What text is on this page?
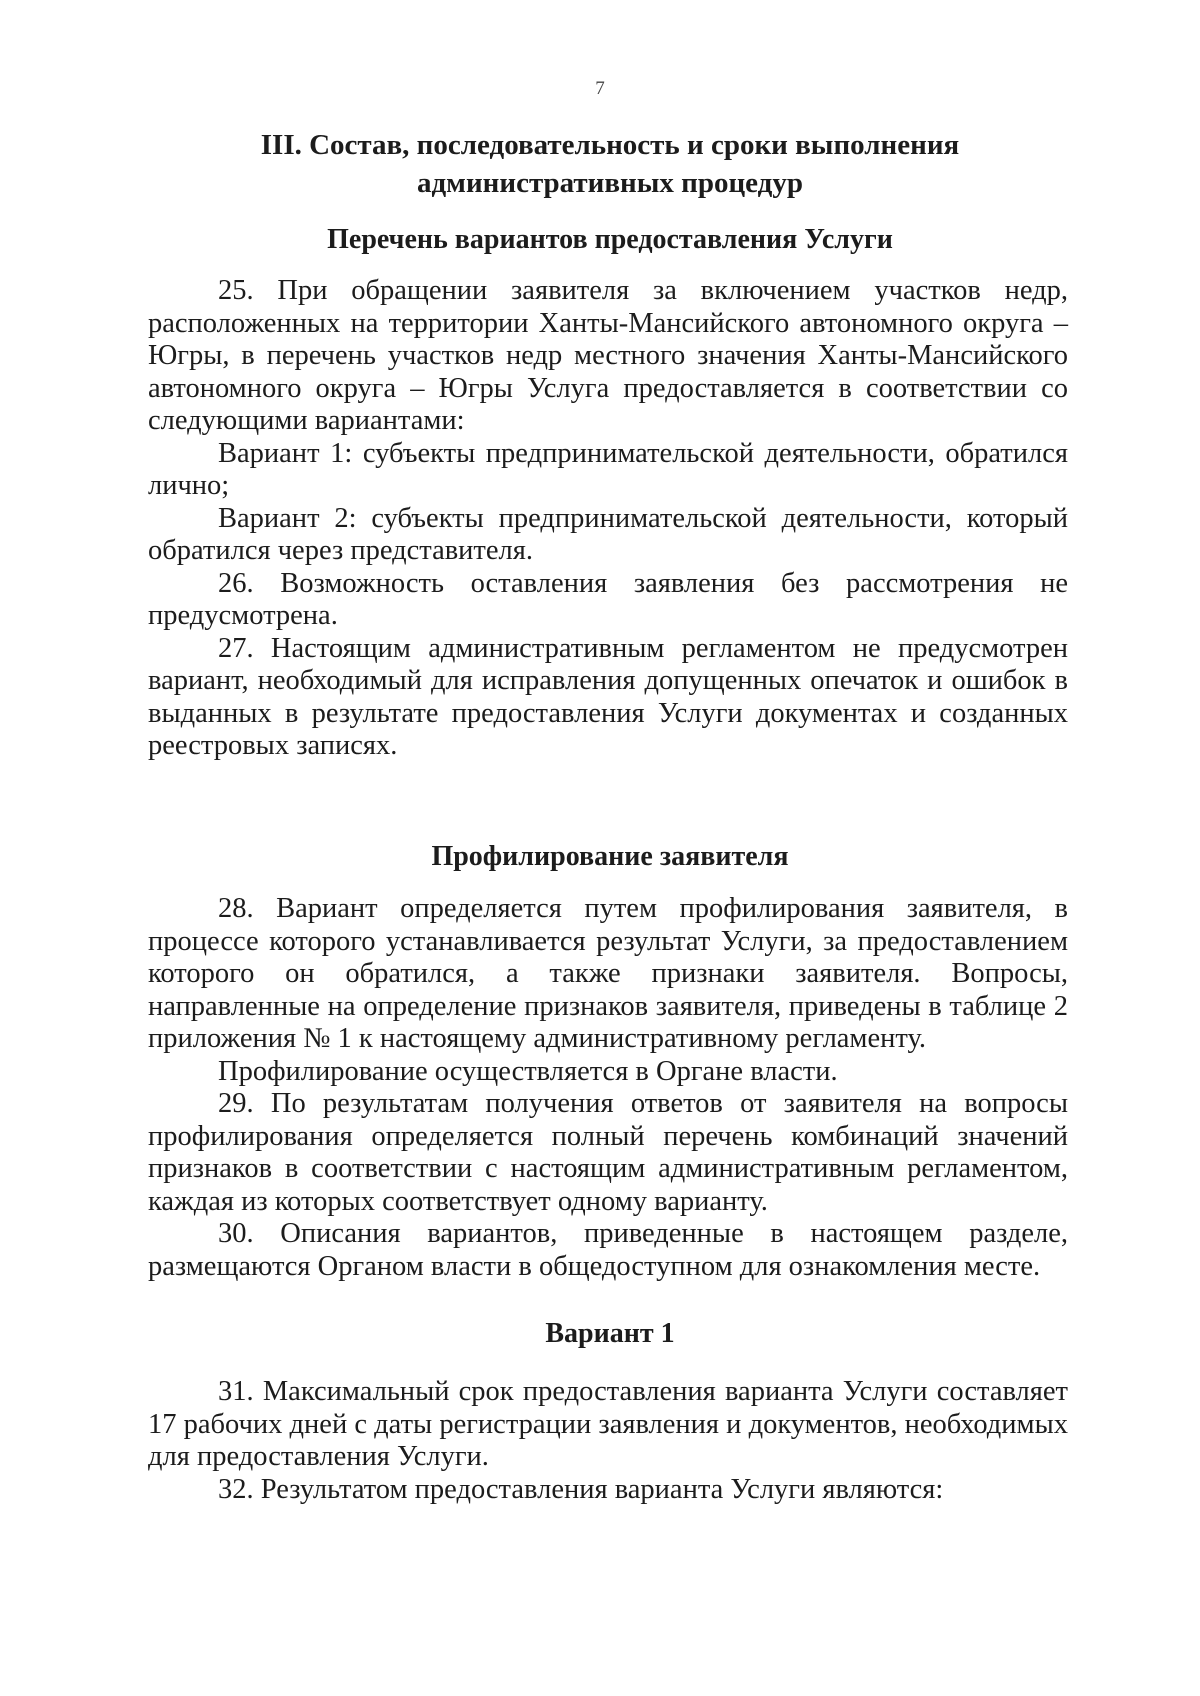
7
III. Состав, последовательность и сроки выполнения административных процедур
Перечень вариантов предоставления Услуги

25. При обращении заявителя за включением участков недр, расположенных на территории Ханты-Мансийского автономного округа – Югры, в перечень участков недр местного значения Ханты-Мансийского автономного округа – Югры Услуга предоставляется в соответствии со следующими вариантами:

Вариант 1: субъекты предпринимательской деятельности, обратился лично;

Вариант 2: субъекты предпринимательской деятельности, который обратился через представителя.

26. Возможность оставления заявления без рассмотрения не предусмотрена.

27. Настоящим административным регламентом не предусмотрен вариант, необходимый для исправления допущенных опечаток и ошибок в выданных в результате предоставления Услуги документах и созданных реестровых записях.

Профилирование заявителя

28. Вариант определяется путем профилирования заявителя, в процессе которого устанавливается результат Услуги, за предоставлением которого он обратился, а также признаки заявителя. Вопросы, направленные на определение признаков заявителя, приведены в таблице 2 приложения № 1 к настоящему административному регламенту.

Профилирование осуществляется в Органе власти.

29. По результатам получения ответов от заявителя на вопросы профилирования определяется полный перечень комбинаций значений признаков в соответствии с настоящим административным регламентом, каждая из которых соответствует одному варианту.

30. Описания вариантов, приведенные в настоящем разделе, размещаются Органом власти в общедоступном для ознакомления месте.

Вариант 1

31. Максимальный срок предоставления варианта Услуги составляет 17 рабочих дней с даты регистрации заявления и документов, необходимых для предоставления Услуги.

32. Результатом предоставления варианта Услуги являются:
